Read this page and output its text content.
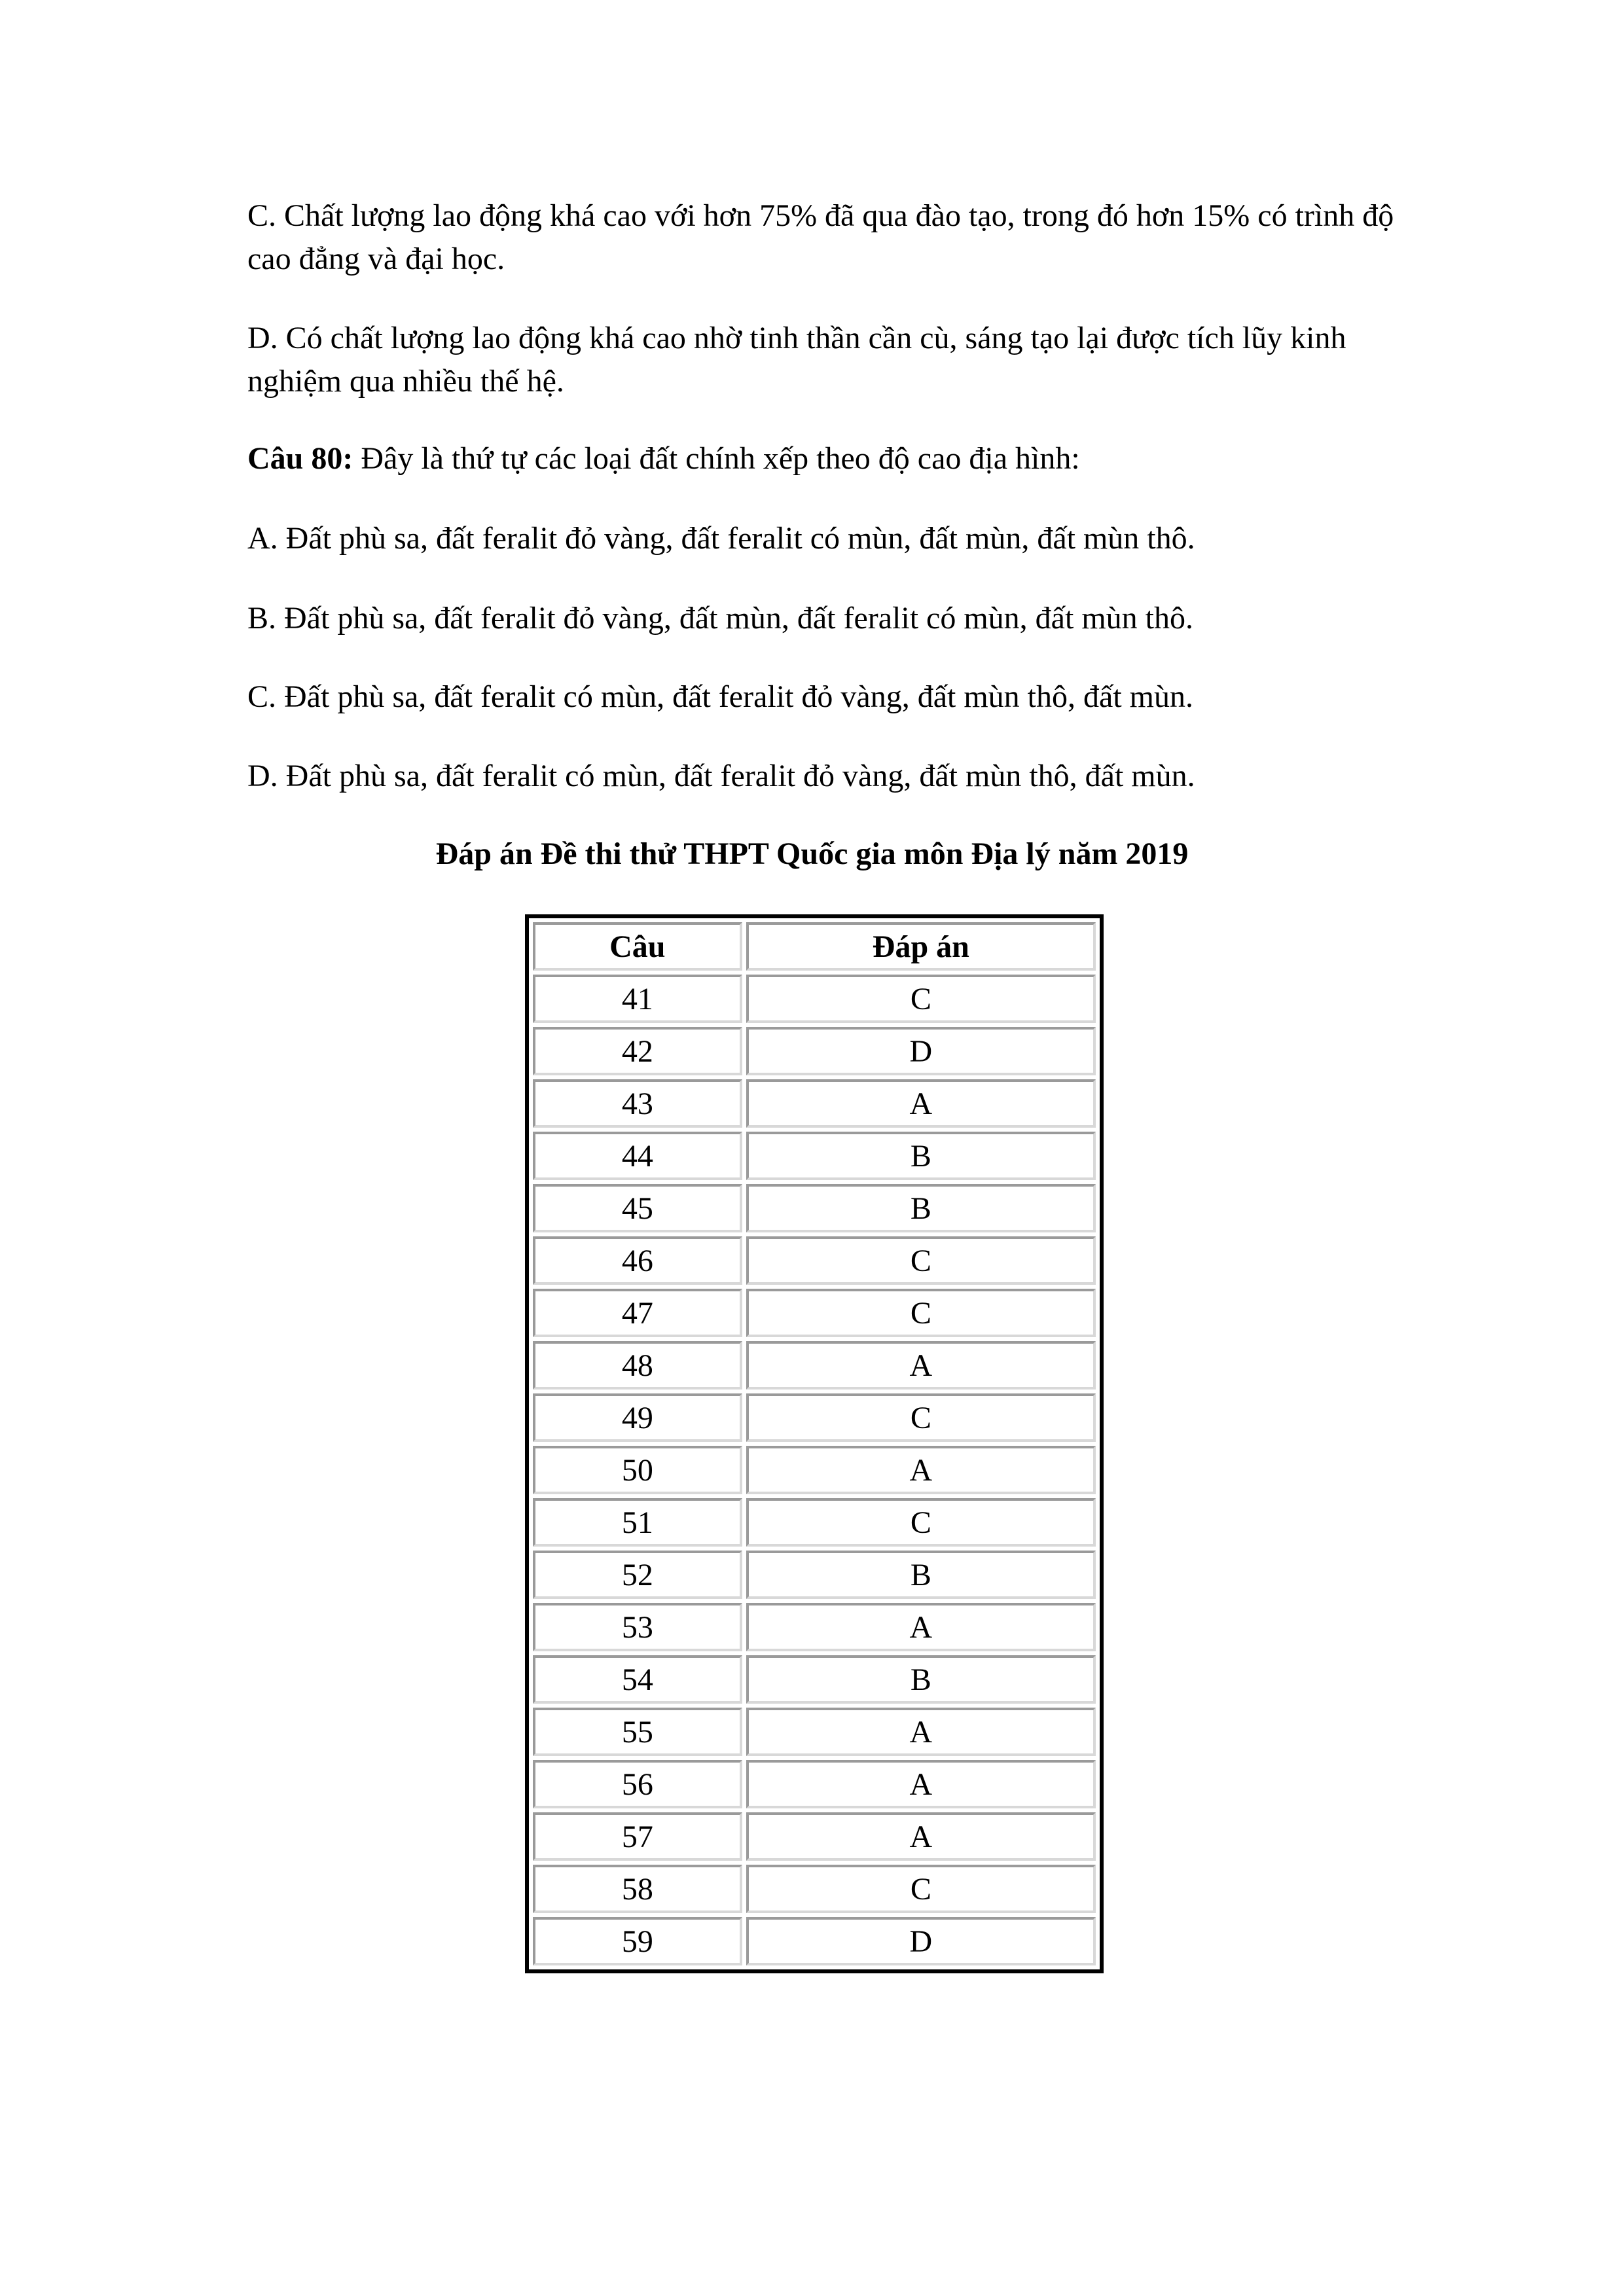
C. Chất lượng lao động khá cao với hơn 75% đã qua đào tạo, trong đó hơn 15% có trình độ cao đẳng và đại học.

D. Có chất lượng lao động khá cao nhờ tinh thần cần cù, sáng tạo lại được tích lũy kinh nghiệm qua nhiều thế hệ.

Câu 80: Đây là thứ tự các loại đất chính xếp theo độ cao địa hình:

A. Đất phù sa, đất feralit đỏ vàng, đất feralit có mùn, đất mùn, đất mùn thô.

B. Đất phù sa, đất feralit đỏ vàng, đất mùn, đất feralit có mùn, đất mùn thô.

C. Đất phù sa, đất feralit có mùn, đất feralit đỏ vàng, đất mùn thô, đất mùn.

D. Đất phù sa, đất feralit có mùn, đất feralit đỏ vàng, đất mùn thô, đất mùn.

Đáp án Đề thi thử THPT Quốc gia môn Địa lý năm 2019

Câu	Đáp án
41	C
42	D
43	A
44	B
45	B
46	C
47	C
48	A
49	C
50	A
51	C
52	B
53	A
54	B
55	A
56	A
57	A
58	C
59	D
